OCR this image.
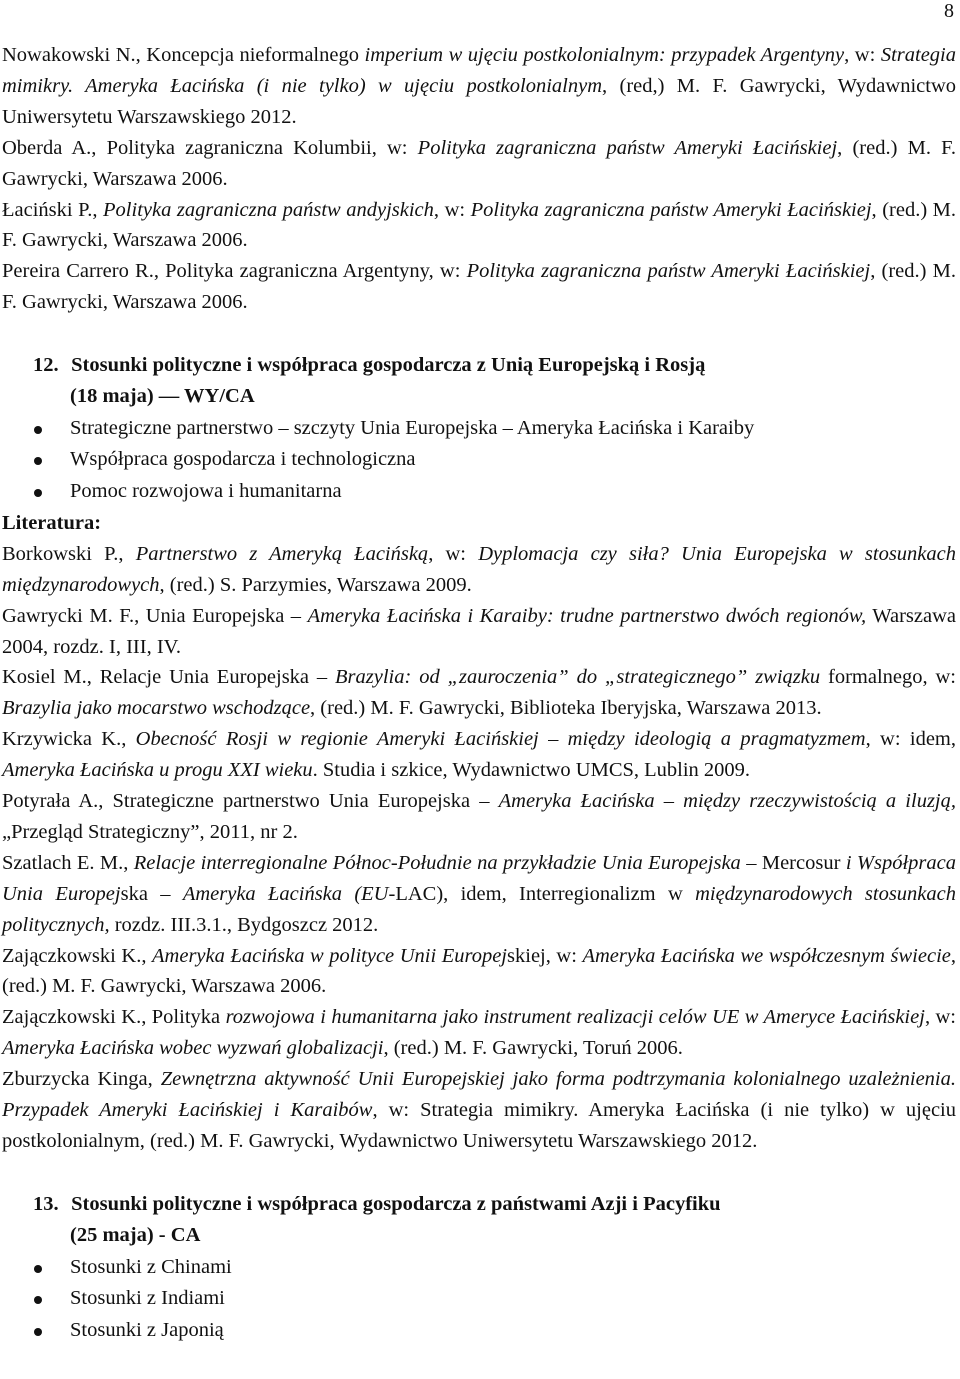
8
Nowakowski N., Koncepcja nieformalnego imperium w ujęciu postkolonialnym: przypadek Argentyny, w: Strategia mimikry. Ameryka Łacińska (i nie tylko) w ujęciu postkolonialnym, (red,) M. F. Gawrycki, Wydawnictwo Uniwersytetu Warszawskiego 2012.
Oberda A., Polityka zagraniczna Kolumbii, w: Polityka zagraniczna państw Ameryki Łacińskiej, (red.) M. F. Gawrycki, Warszawa 2006.
Łaciński P., Polityka zagraniczna państw andyjskich, w: Polityka zagraniczna państw Ameryki Łacińskiej, (red.) M. F. Gawrycki, Warszawa 2006.
Pereira Carrero R., Polityka zagraniczna Argentyny, w: Polityka zagraniczna państw Ameryki Łacińskiej, (red.) M. F. Gawrycki, Warszawa 2006.
12. Stosunki polityczne i współpraca gospodarcza z Unią Europejską i Rosją
(18 maja) — WY/CA
Strategiczne partnerstwo – szczyty Unia Europejska – Ameryka Łacińska i Karaiby
Współpraca gospodarcza i technologiczna
Pomoc rozwojowa i humanitarna
Literatura:
Borkowski P., Partnerstwo z Ameryką Łacińską, w: Dyplomacja czy siła? Unia Europejska w stosunkach międzynarodowych, (red.) S. Parzymies, Warszawa 2009.
Gawrycki M. F., Unia Europejska – Ameryka Łacińska i Karaiby: trudne partnerstwo dwóch regionów, Warszawa 2004, rozdz. I, III, IV.
Kosiel M., Relacje Unia Europejska – Brazylia: od „zauroczenia” do „strategicznego” związku formalnego, w: Brazylia jako mocarstwo wschodzące, (red.) M. F. Gawrycki, Biblioteka Iberyjska, Warszawa 2013.
Krzywicka K., Obecność Rosji w regionie Ameryki Łacińskiej – między ideologią a pragmatyzmem, w: idem, Ameryka Łacińska u progu XXI wieku. Studia i szkice, Wydawnictwo UMCS, Lublin 2009.
Potyrała A., Strategiczne partnerstwo Unia Europejska – Ameryka Łacińska – między rzeczywistością a iluzją, „Przegląd Strategiczny”, 2011, nr 2.
Szatlach E. M., Relacje interregionalne Północ-Południe na przykładzie Unia Europejska – Mercosur i Współpraca Unia Europejska – Ameryka Łacińska (EU-LAC), idem, Interregionalizm w międzynarodowych stosunkach politycznych, rozdz. III.3.1., Bydgoszcz 2012.
Zajączkowski K., Ameryka Łacińska w polityce Unii Europejskiej, w: Ameryka Łacińska we współczesnym świecie, (red.) M. F. Gawrycki, Warszawa 2006.
Zajączkowski K., Polityka rozwojowa i humanitarna jako instrument realizacji celów UE w Ameryce Łacińskiej, w: Ameryka Łacińska wobec wyzwań globalizacji, (red.) M. F. Gawrycki, Toruń 2006.
Zburzycka Kinga, Zewnętrzna aktywność Unii Europejskiej jako forma podtrzymania kolonialnego uzależnienia. Przypadek Ameryki Łacińskiej i Karaibów, w: Strategia mimikry. Ameryka Łacińska (i nie tylko) w ujęciu postkolonialnym, (red.) M. F. Gawrycki, Wydawnictwo Uniwersytetu Warszawskiego 2012.
13. Stosunki polityczne i współpraca gospodarcza z państwami Azji i Pacyfiku
(25 maja) - CA
Stosunki z Chinami
Stosunki z Indiami
Stosunki z Japonią
